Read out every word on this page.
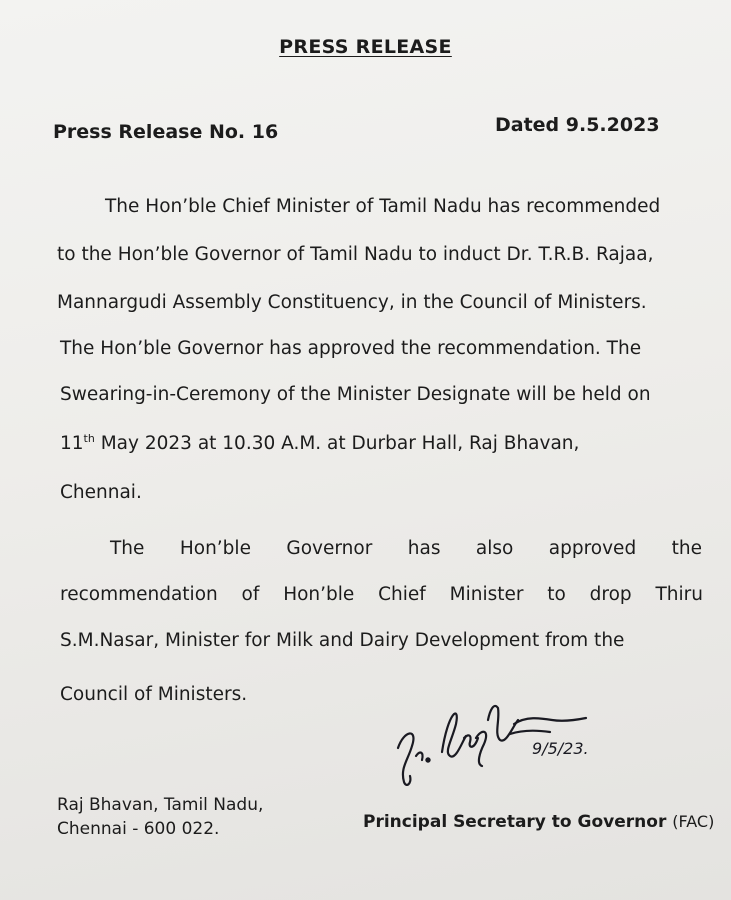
PRESS RELEASE
Press Release No. 16	Dated 9.5.2023
The Hon’ble Chief Minister of Tamil Nadu has recommended
to the Hon’ble Governor of Tamil Nadu to induct Dr. T.R.B. Rajaa,
Mannargudi Assembly Constituency, in the Council of Ministers.
The Hon’ble Governor has approved the recommendation. The
Swearing-in-Ceremony of the Minister Designate will be held on
11th May 2023 at 10.30 A.M. at Durbar Hall, Raj Bhavan,
Chennai.
The Hon’ble Governor has also approved the
recommendation of Hon’ble Chief Minister to drop Thiru
S.M.Nasar, Minister for Milk and Dairy Development from the
Council of Ministers.
9/5/23.
Raj Bhavan, Tamil Nadu,
Chennai - 600 022.	Principal Secretary to Governor (FAC)
